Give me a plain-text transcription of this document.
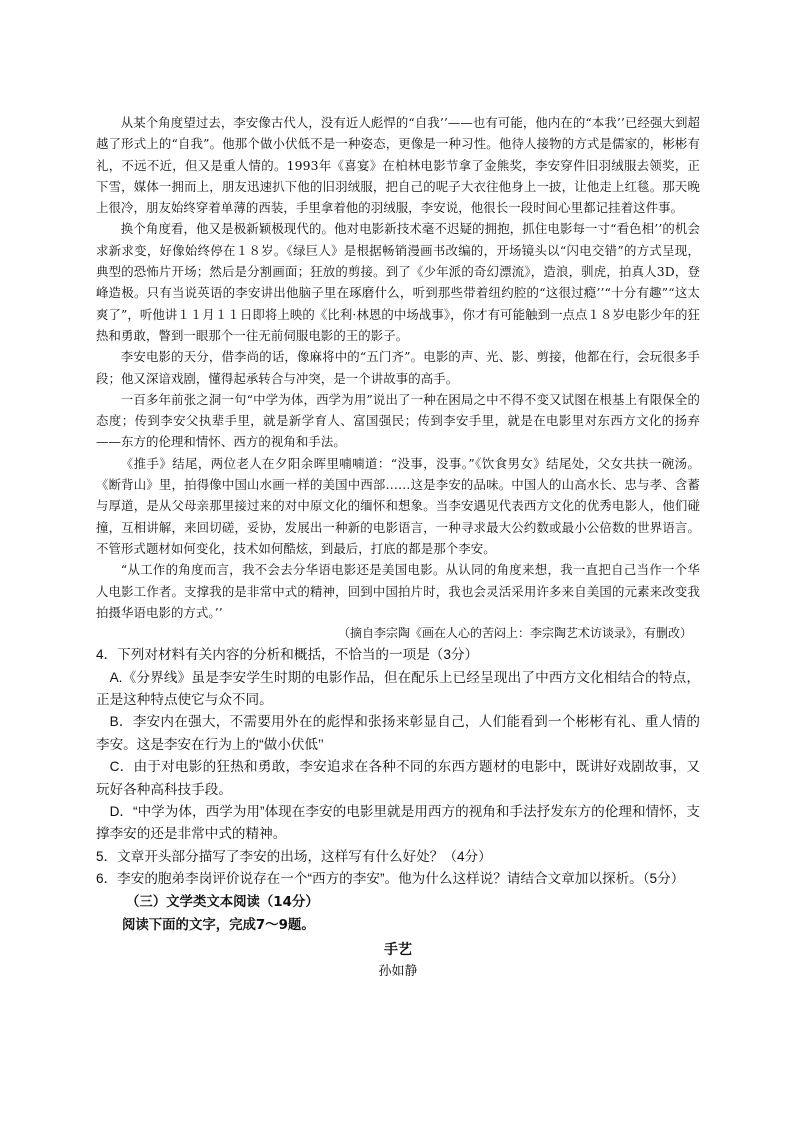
从某个角度望过去，李安像古代人，没有近人彪悍的“自我’’——也有可能，他内在的“本我’’已经强大到超越了形式上的“自我”。他那个做小伏低不是一种姿态，更像是一种习性。他待人接物的方式是儒家的，彬彬有礼，不远不近，但又是重人情的。1993年《喜宴》在柏林电影节拿了金熊奖，李安穿件旧羽绒服去领奖，正下雪，媒体一拥而上，朋友迅速扒下他的旧羽绒服，把自己的呢子大衣往他身上一披，让他走上红毯。那天晚上很冷，朋友始终穿着单薄的西装，手里拿着他的羽绒服，李安说，他很长一段时间心里都记挂着这件事。

换个角度看，他又是极新颖极现代的。他对电影新技术毫不迟疑的拥抱，抓住电影每一寸“看色相’’的机会求新求变，好像始终停在１８岁。《绿巨人》是根据畅销漫画书改编的，开场镜头以“闪电交错”的方式呈现，典型的恐怖片开场；然后是分割画面；狂放的剪接。到了《少年派的奇幻漂流》，造浪，驯虎，拍真人3D，登峰造极。只有当说英语的李安讲出他脑子里在琢磨什么，听到那些带着纽约腔的“这很过瘾’’“十分有趣”“这太爽了”，听他讲１１月１１日即将上映的《比利·林恩的中场战事》，你才有可能触到一点点１８岁电影少年的狂热和勇敢，瞥到一眼那个一往无前伺服电影的王的影子。

李安电影的天分，借李尚的话，像麻将中的“五门齐”。电影的声、光、影、剪接，他都在行，会玩很多手段；他又深谙戏剧，懂得起承转合与冲突，是一个讲故事的高手。

一百多年前张之洞一句“中学为体，西学为用”说出了一种在困局之中不得不变又试图在根基上有限保全的态度；传到李安父执辈手里，就是新学育人、富国强民；传到李安手里，就是在电影里对东西方文化的扬弃——东方的伦理和情怀、西方的视角和手法。

《推手》结尾，两位老人在夕阳余晖里喃喃道：“没事，没事。”《饮食男女》结尾处，父女共扶一碗汤。《断背山》里，拍得像中国山水画一样的美国中西部……这是李安的品味。中国人的山高水长、忠与孝、含蓄与厚道，是从父母亲那里接过来的对中原文化的缅怀和想象。当李安遇见代表西方文化的优秀电影人，他们碰撞，互相讲解，来回切磋，妥协，发展出一种新的电影语言，一种寻求最大公约数或最小公倍数的世界语言。不管形式题材如何变化，技术如何酷炫，到最后，打底的都是那个李安。

“从工作的角度而言，我不会去分华语电影还是美国电影。从认同的角度来想，我一直把自己当作一个华人电影工作者。支撑我的是非常中式的精神，回到中国拍片时，我也会灵活采用许多来自美国的元素来改变我拍摄华语电影的方式。’’

（摘自李宗陶《画在人心的苦闷上：李宗陶艺术访谈录》，有删改）

4．下列对材料有关内容的分析和概括，不恰当的一项是（3分）

A.《分界线》虽是李安学生时期的电影作品，但在配乐上已经呈现出了中西方文化相结合的特点，正是这种特点使它与众不同。

B．李安内在强大，不需要用外在的彪悍和张扬来彰显自己，人们能看到一个彬彬有礼、重人情的李安。这是李安在行为上的“做小伏低’’

C．由于对电影的狂热和勇敢，李安追求在各种不同的东西方题材的电影中，既讲好戏剧故事，又玩好各种高科技手段。

D．“中学为体，西学为用”体现在李安的电影里就是用西方的视角和手法抒发东方的伦理和情怀，支撑李安的还是非常中式的精神。

5．文章开头部分描写了李安的出场，这样写有什么好处？（4分）

6．李安的胞弟李岗评价说存在一个“西方的李安”。他为什么这样说？请结合文章加以探析。（5分）

（三）文学类文本阅读（14分）

阅读下面的文字，完成7～9题。

手艺

孙如静
